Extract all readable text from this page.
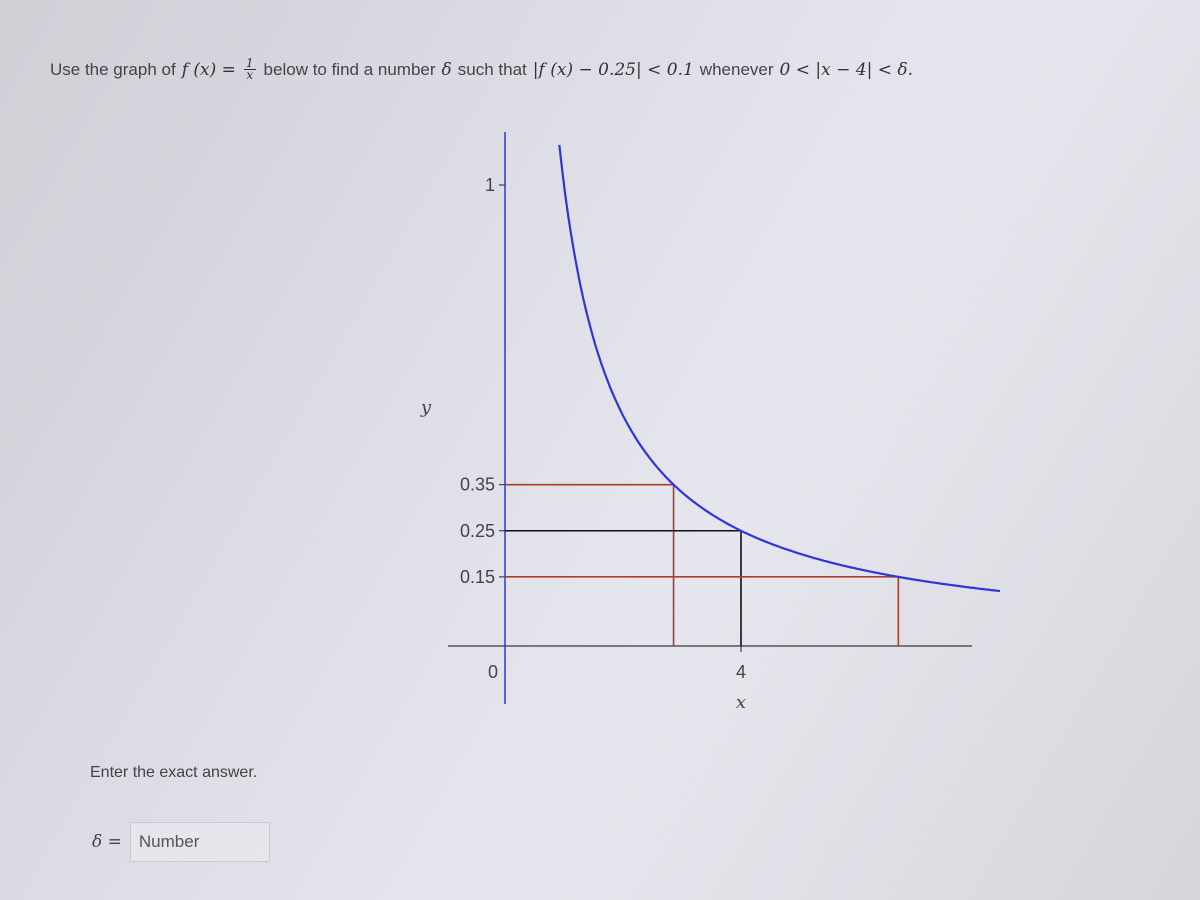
Use the graph of f $(x) = \frac{1}{x}$ below to find a number δ such that |f (x) − 0.25| < 0.1 whenever 0 < |x − 4| < δ.
1
0.35
0.25
0.15
0	4
y
x
Enter the exact answer.
δ =
Number
